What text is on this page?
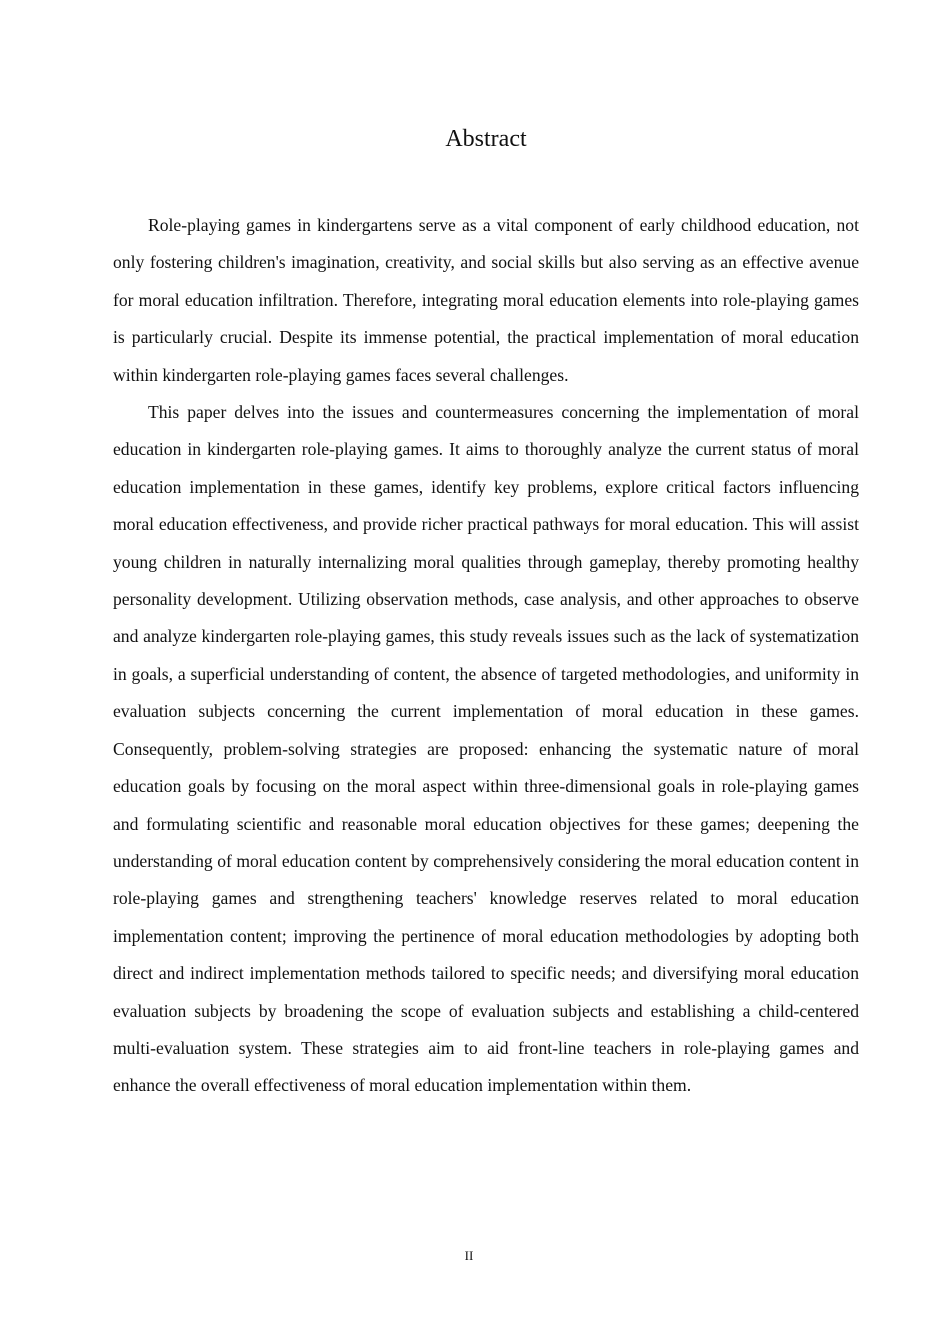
Abstract

Role-playing games in kindergartens serve as a vital component of early childhood education, not only fostering children's imagination, creativity, and social skills but also serving as an effective avenue for moral education infiltration. Therefore, integrating moral education elements into role-playing games is particularly crucial. Despite its immense potential, the practical implementation of moral education within kindergarten role-playing games faces several challenges.

This paper delves into the issues and countermeasures concerning the implementation of moral education in kindergarten role-playing games. It aims to thoroughly analyze the current status of moral education implementation in these games, identify key problems, explore critical factors influencing moral education effectiveness, and provide richer practical pathways for moral education. This will assist young children in naturally internalizing moral qualities through gameplay, thereby promoting healthy personality development. Utilizing observation methods, case analysis, and other approaches to observe and analyze kindergarten role-playing games, this study reveals issues such as the lack of systematization in goals, a superficial understanding of content, the absence of targeted methodologies, and uniformity in evaluation subjects concerning the current implementation of moral education in these games. Consequently, problem-solving strategies are proposed: enhancing the systematic nature of moral education goals by focusing on the moral aspect within three-dimensional goals in role-playing games and formulating scientific and reasonable moral education objectives for these games; deepening the understanding of moral education content by comprehensively considering the moral education content in role-playing games and strengthening teachers' knowledge reserves related to moral education implementation content; improving the pertinence of moral education methodologies by adopting both direct and indirect implementation methods tailored to specific needs; and diversifying moral education evaluation subjects by broadening the scope of evaluation subjects and establishing a child-centered multi-evaluation system. These strategies aim to aid front-line teachers in role-playing games and enhance the overall effectiveness of moral education implementation within them.

II
